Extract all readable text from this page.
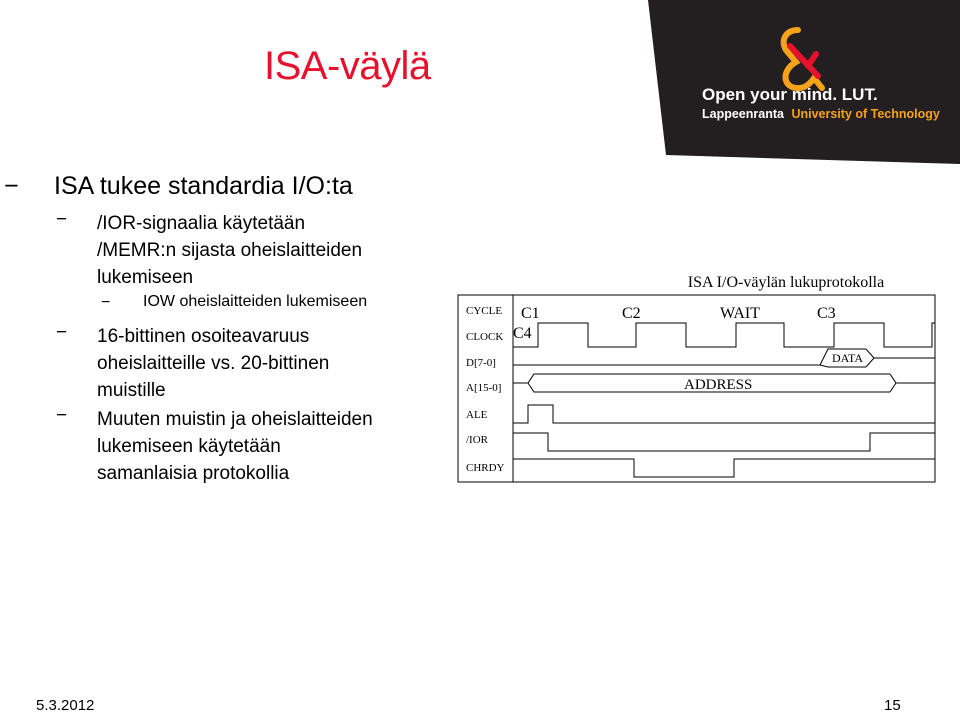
ISA-väylä
Open your mind. LUT.
Lappeenranta University of Technology
− ISA tukee standardia I/O:ta
− /IOR-signaalia käytetään
/MEMR:n sijasta oheislaitteiden
lukemiseen
− IOW oheislaitteiden lukemiseen
− 16-bittinen osoiteavaruus
oheislaitteille vs. 20-bittinen
muistille
− Muuten muistin ja oheislaitteiden
lukemiseen käytetään
samanlaisia protokollia
ISA I/O-väylän lukuprotokolla
CYCLE
CLOCK
D[7-0]
A[15-0]
ALE
/IOR
CHRDY
C1	C2	WAIT	C3
C4
DATA
ADDRESS
5.3.2012	15
